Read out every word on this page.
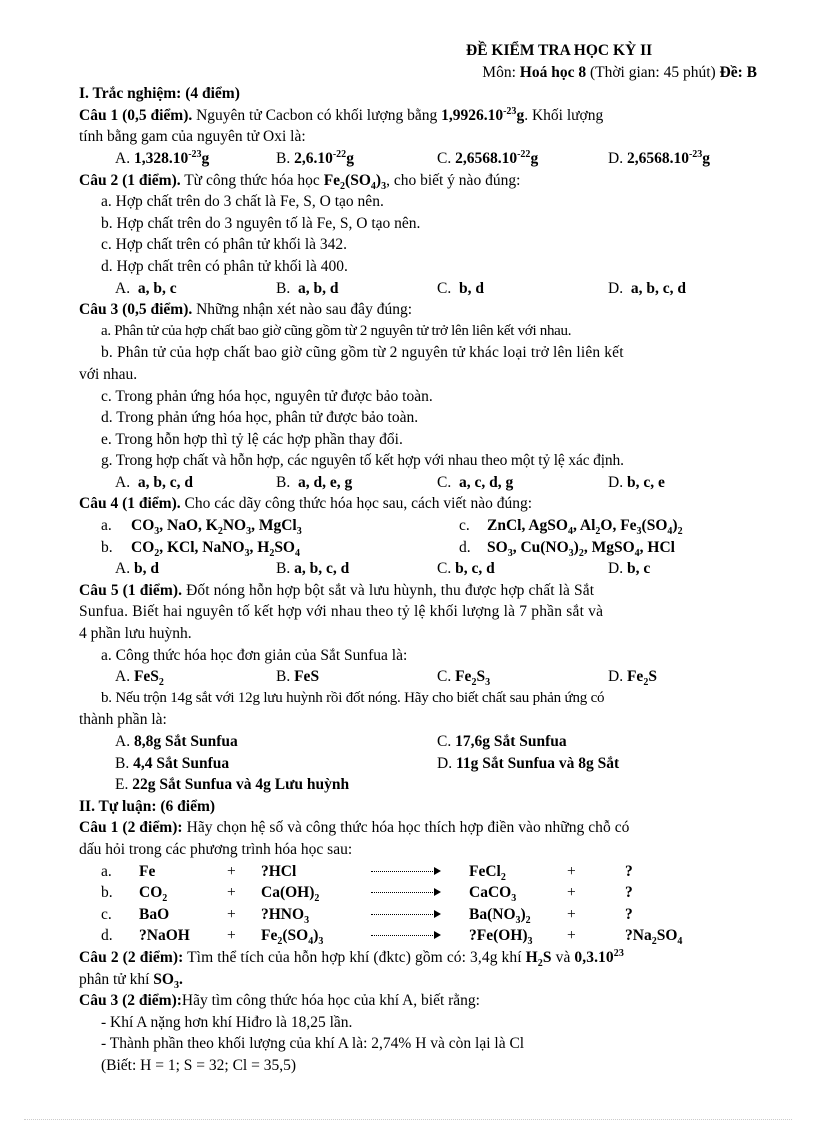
ĐỀ KIỂM TRA HỌC KỲ II
Môn: Hoá học 8 (Thời gian: 45 phút) Đề: B
I. Trắc nghiệm: (4 điểm)
Câu 1 (0,5 điểm). Nguyên tử Cacbon có khối lượng bằng $1,9926.10^{-23}g$. Khối lượng
tính bằng gam của nguyên tử Oxi là:
A. $1,328.10^{-23}g$	B. $2,6.10^{-22}g$	C. $2,6568.10^{-22}g$	D. $2,6568.10^{-23}g$
Câu 2 (1 điểm). Từ công thức hóa học $Fe_2(SO_4)_3$, cho biết ý nào đúng:
a. Hợp chất trên do 3 chất là Fe, S, O tạo nên.
b. Hợp chất trên do 3 nguyên tố là Fe, S, O tạo nên.
c. Hợp chất trên có phân tử khối là 342.
d. Hợp chất trên có phân tử khối là 400.
A.  a, b, c	B.  a, b, d	C.  b, d	D.  a, b, c, d
Câu 3 (0,5 điểm). Những nhận xét nào sau đây đúng:
a. Phân tử của hợp chất bao giờ cũng gồm từ 2 nguyên tử trở lên liên kết với nhau.
b. Phân tử của hợp chất bao giờ cũng gồm từ 2 nguyên tử khác loại trở lên liên kết
với nhau.
c. Trong phản ứng hóa học, nguyên tử được bảo toàn.
d. Trong phản ứng hóa học, phân tử được bảo toàn.
e. Trong hỗn hợp thì tỷ lệ các hợp phần thay đổi.
g. Trong hợp chất và hỗn hợp, các nguyên tố kết hợp với nhau theo một tỷ lệ xác định.
A.  a, b, c, d	B.  a, d, e, g	C.  a, c, d, g	D. b, c, e
Câu 4 (1 điểm). Cho các dãy công thức hóa học sau, cách viết nào đúng:
a. $CO_3$, NaO, $K_2NO_3$, MgCl$_3$	c. ZnCl, AgSO$_4$, $Al_2O$, $Fe_3(SO_4)_2$
b. $CO_2$, KCl, NaNO$_3$, $H_2SO_4$	d. $SO_3$, $Cu(NO_3)_2$, MgSO$_4$, HCl
A. b, d	B. a, b, c, d	C. b, c, d	D. b, c
Câu 5 (1 điểm). Đốt nóng hỗn hợp bột sắt và lưu hùynh, thu được hợp chất là Sắt
Sunfua. Biết hai nguyên tố kết hợp với nhau theo tỷ lệ khối lượng là 7 phần sắt và
4 phần lưu huỳnh.
a. Công thức hóa học đơn giản của Sắt Sunfua là:
A. FeS$_2$	B. FeS	C. $Fe_2S_3$	D. $Fe_2S$
b. Nếu trộn 14g sắt với 12g lưu huỳnh rồi đốt nóng. Hãy cho biết chất sau phản ứng có
thành phần là:
A. 8,8g Sắt Sunfua	C. 17,6g Sắt Sunfua
B. 4,4 Sắt Sunfua	D. 11g Sắt Sunfua và 8g Sắt
E. 22g Sắt Sunfua và 4g Lưu huỳnh
II. Tự luận: (6 điểm)
Câu 1 (2 điểm): Hãy chọn hệ số và công thức hóa học thích hợp điền vào những chỗ có
dấu hỏi trong các phương trình hóa học sau:
a.	Fe	+	?HCl	FeCl$_2$	+	?
b.	$CO_2$	+	$Ca(OH)_2$	CaCO$_3$	+	?
c.	BaO	+	$?HNO_3$	$Ba(NO_3)_2$	+	?
d.	?NaOH	+	$Fe_2(SO_4)_3$	$?Fe(OH)_3$	+	$?Na_2SO_4$
Câu 2 (2 điểm): Tìm thể tích của hỗn hợp khí (đktc) gồm có: 3,4g khí $H_2S$ và 0,3.10$^{23}$
phân tử khí $SO_3$.
Câu 3 (2 điểm):Hãy tìm công thức hóa học của khí A, biết rằng:
- Khí A nặng hơn khí Hiđro là 18,25 lần.
- Thành phần theo khối lượng của khí A là: 2,74% H và còn lại là Cl
(Biết: H = 1; S = 32; Cl = 35,5)
